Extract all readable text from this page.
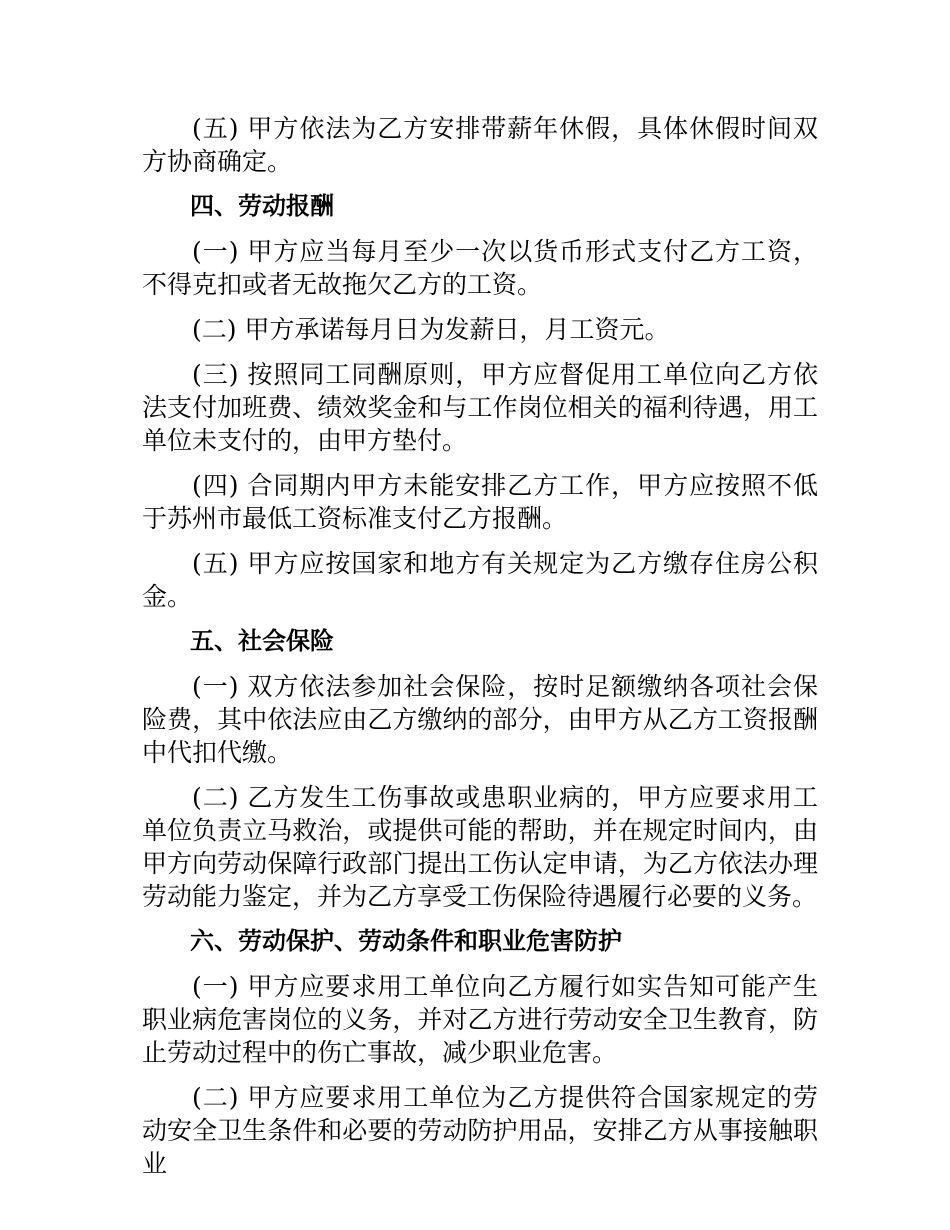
(五) 甲方依法为乙方安排带薪年休假，具体休假时间双方协商确定。

四、劳动报酬

(一) 甲方应当每月至少一次以货币形式支付乙方工资，不得克扣或者无故拖欠乙方的工资。

(二) 甲方承诺每月日为发薪日，月工资元。

(三) 按照同工同酬原则，甲方应督促用工单位向乙方依法支付加班费、绩效奖金和与工作岗位相关的福利待遇，用工单位未支付的，由甲方垫付。

(四) 合同期内甲方未能安排乙方工作，甲方应按照不低于苏州市最低工资标准支付乙方报酬。

(五) 甲方应按国家和地方有关规定为乙方缴存住房公积金。

五、社会保险

(一) 双方依法参加社会保险，按时足额缴纳各项社会保险费，其中依法应由乙方缴纳的部分，由甲方从乙方工资报酬中代扣代缴。

(二) 乙方发生工伤事故或患职业病的，甲方应要求用工单位负责立马救治，或提供可能的帮助，并在规定时间内，由甲方向劳动保障行政部门提出工伤认定申请，为乙方依法办理劳动能力鉴定，并为乙方享受工伤保险待遇履行必要的义务。

六、劳动保护、劳动条件和职业危害防护

(一) 甲方应要求用工单位向乙方履行如实告知可能产生职业病危害岗位的义务，并对乙方进行劳动安全卫生教育，防止劳动过程中的伤亡事故，减少职业危害。

(二) 甲方应要求用工单位为乙方提供符合国家规定的劳动安全卫生条件和必要的劳动防护用品，安排乙方从事接触职业
